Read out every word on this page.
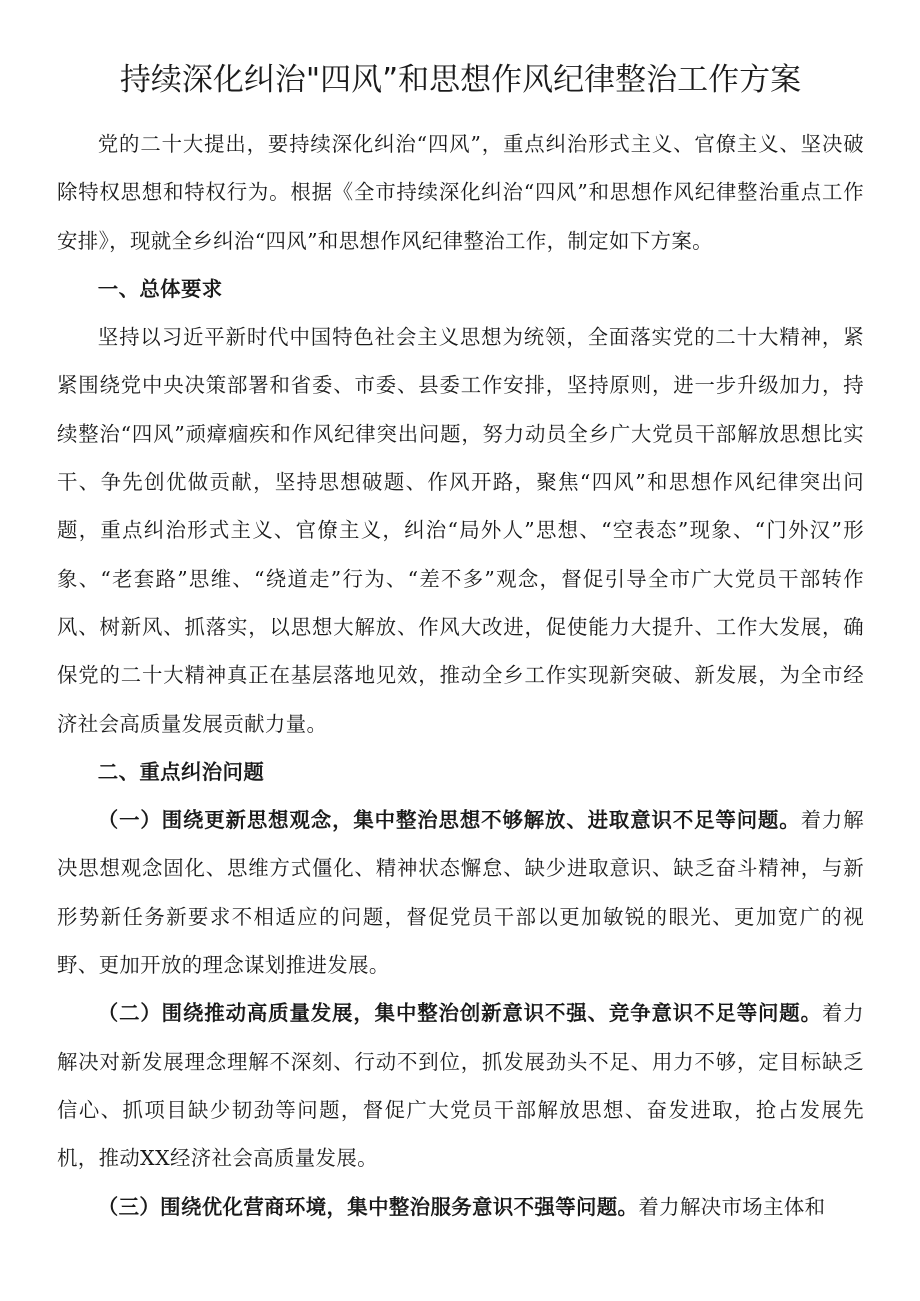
持续深化纠治"四风”和思想作风纪律整治工作方案

党的二十大提出，要持续深化纠治“四风”，重点纠治形式主义、官僚主义、坚决破除特权思想和特权行为。根据《全市持续深化纠治“四风”和思想作风纪律整治重点工作安排》，现就全乡纠治“四风”和思想作风纪律整治工作，制定如下方案。

一、总体要求

坚持以习近平新时代中国特色社会主义思想为统领，全面落实党的二十大精神，紧紧围绕党中央决策部署和省委、市委、县委工作安排，坚持原则，进一步升级加力，持续整治“四风”顽瘴痼疾和作风纪律突出问题，努力动员全乡广大党员干部解放思想比实干、争先创优做贡献，坚持思想破题、作风开路，聚焦“四风”和思想作风纪律突出问题，重点纠治形式主义、官僚主义，纠治“局外人”思想、“空表态”现象、“门外汉”形象、“老套路”思维、“绕道走”行为、“差不多”观念，督促引导全市广大党员干部转作风、树新风、抓落实，以思想大解放、作风大改进，促使能力大提升、工作大发展，确保党的二十大精神真正在基层落地见效，推动全乡工作实现新突破、新发展，为全市经济社会高质量发展贡献力量。

二、重点纠治问题

（一）围绕更新思想观念，集中整治思想不够解放、进取意识不足等问题。着力解决思想观念固化、思维方式僵化、精神状态懈怠、缺少进取意识、缺乏奋斗精神，与新形势新任务新要求不相适应的问题，督促党员干部以更加敏锐的眼光、更加宽广的视野、更加开放的理念谋划推进发展。

（二）围绕推动高质量发展，集中整治创新意识不强、竞争意识不足等问题。着力解决对新发展理念理解不深刻、行动不到位，抓发展劲头不足、用力不够，定目标缺乏信心、抓项目缺少韧劲等问题，督促广大党员干部解放思想、奋发进取，抢占发展先机，推动XX经济社会高质量发展。

（三）围绕优化营商环境，集中整治服务意识不强等问题。着力解决市场主体和
